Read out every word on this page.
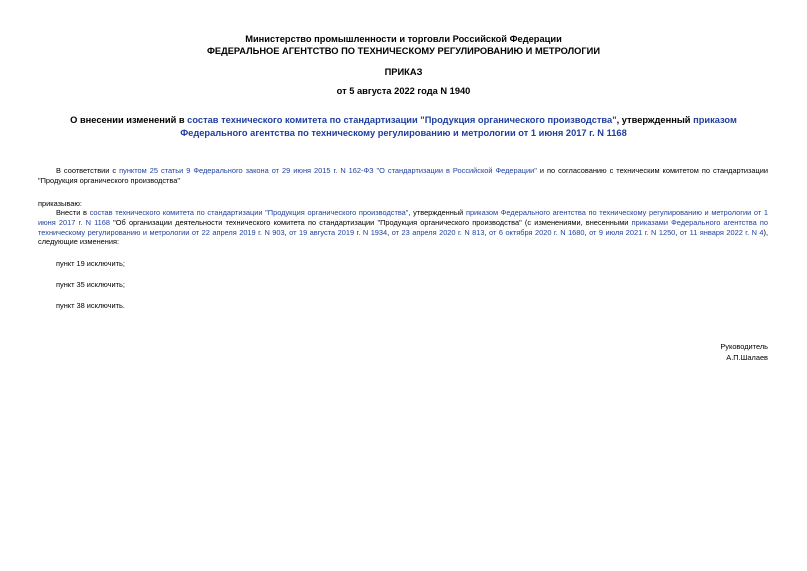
Министерство промышленности и торговли Российской Федерации
ФЕДЕРАЛЬНОЕ АГЕНТСТВО ПО ТЕХНИЧЕСКОМУ РЕГУЛИРОВАНИЮ И МЕТРОЛОГИИ
ПРИКАЗ
от 5 августа 2022 года N 1940
О внесении изменений в состав технического комитета по стандартизации "Продукция органического производства", утвержденный приказом Федерального агентства по техническому регулированию и метрологии от 1 июня 2017 г. N 1168
В соответствии с пунктом 25 статьи 9 Федерального закона от 29 июня 2015 г. N 162-ФЗ "О стандартизации в Российской Федерации" и по согласованию с техническим комитетом по стандартизации "Продукция органического производства"
приказываю:
Внести в состав технического комитета по стандартизации "Продукция органического производства", утвержденный приказом Федерального агентства по техническому регулированию и метрологии от 1 июня 2017 г. N 1168 "Об организации деятельности технического комитета по стандартизации "Продукция органического производства" (с изменениями, внесенными приказами Федерального агентства по техническому регулированию и метрологии от 22 апреля 2019 г. N 903, от 19 августа 2019 г. N 1934, от 23 апреля 2020 г. N 813, от 6 октября 2020 г. N 1680, от 9 июля 2021 г. N 1250, от 11 января 2022 г. N 4), следующие изменения:
пункт 19 исключить;
пункт 35 исключить;
пункт 38 исключить.
Руководитель
А.П.Шалаев
